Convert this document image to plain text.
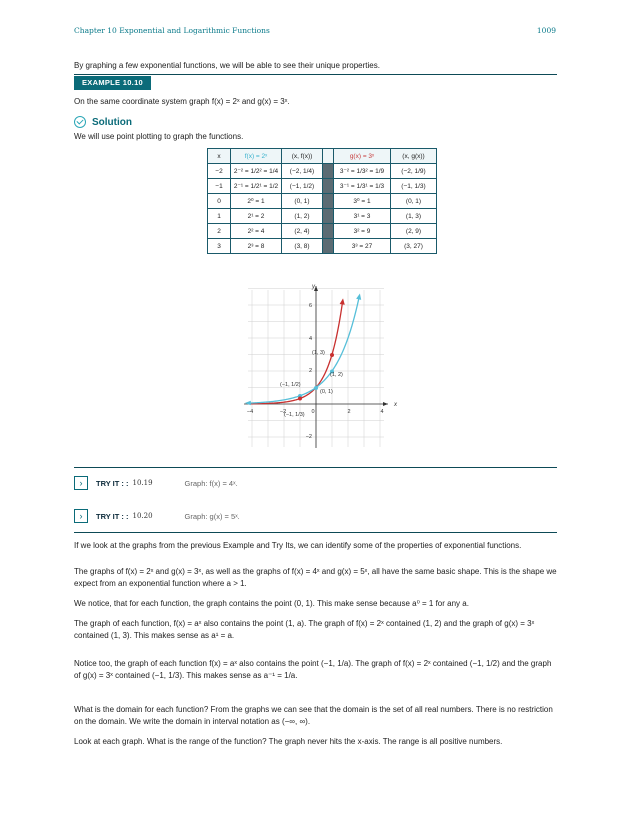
Chapter 10 Exponential and Logarithmic Functions	1009
By graphing a few exponential functions, we will be able to see their unique properties.
EXAMPLE 10.10
On the same coordinate system graph f(x) = 2ˣ and g(x) = 3ˣ.
Solution
We will use point plotting to graph the functions.
x	f(x) = 2ˣ	(x, f(x))		g(x) = 3ˣ	(x, g(x))
−2	2⁻² = 1/2² = 1/4	(−2, 1/4)		3⁻² = 1/3² = 1/9	(−2, 1/9)
−1	2⁻¹ = 1/2¹ = 1/2	(−1, 1/2)		3⁻¹ = 1/3¹ = 1/3	(−1, 1/3)
0	2⁰ = 1	(0, 1)		3⁰ = 1	(0, 1)
1	2¹ = 2	(1, 2)		3¹ = 3	(1, 3)
2	2² = 4	(2, 4)		3² = 9	(2, 9)
3	2³ = 8	(3, 8)		3³ = 27	(3, 27)
x
y
−4	−2	0	2	4
6
4
2
−2
(1, 3)
(1, 2)
(0, 1)
(−1, 1/2)
(−1, 1/3)
›	TRY IT : : 10.19	Graph: f(x) = 4ˣ.
›	TRY IT : : 10.20	Graph: g(x) = 5ˣ.
If we look at the graphs from the previous Example and Try Its, we can identify some of the properties of exponential functions.
The graphs of f(x) = 2ˣ and g(x) = 3ˣ, as well as the graphs of f(x) = 4ˣ and g(x) = 5ˣ, all have the same basic shape. This is the shape we expect from an exponential function where a > 1.
We notice, that for each function, the graph contains the point (0, 1). This make sense because a⁰ = 1 for any a.
The graph of each function, f(x) = aˣ also contains the point (1, a). The graph of f(x) = 2ˣ contained (1, 2) and the graph of g(x) = 3ˣ contained (1, 3). This makes sense as a¹ = a.
Notice too, the graph of each function f(x) = aˣ also contains the point (−1, 1/a). The graph of f(x) = 2ˣ contained (−1, 1/2) and the graph of g(x) = 3ˣ contained (−1, 1/3). This makes sense as a⁻¹ = 1/a.
What is the domain for each function? From the graphs we can see that the domain is the set of all real numbers. There is no restriction on the domain. We write the domain in interval notation as (−∞, ∞).
Look at each graph. What is the range of the function? The graph never hits the x-axis. The range is all positive numbers.
